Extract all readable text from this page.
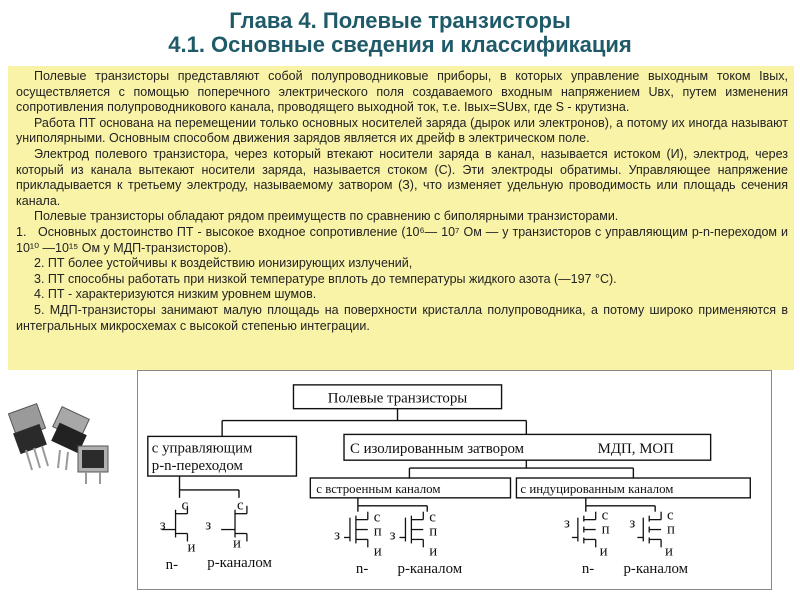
Глава 4. Полевые транзисторы
4.1. Основные сведения и классификация

Полевые транзисторы представляют собой полупроводниковые приборы, в которых управление выходным током Iвых, осуществляется с помощью поперечного электрического поля создаваемого входным напряжением Uвх, путем изменения сопротивления полупроводникового канала, проводящего выходной ток, т.е. Iвых=SUвх, где S - крутизна.

Работа ПТ основана на перемещении только основных носителей заряда (дырок или электронов), а потому их иногда называют униполярными. Основным способом движения зарядов является их дрейф в электрическом поле.

Электрод полевого транзистора, через который втекают носители заряда в канал, называется истоком (И), электрод, через который из канала вытекают носители заряда, называется стоком (С). Эти электроды обратимы. Управляющее напряжение прикладывается к третьему электроду, называемому затвором (З), что изменяет удельную проводимость или площадь сечения канала.

Полевые транзисторы обладают рядом преимуществ по сравнению с биполярными транзисторами.

1. Основных достоинство ПТ - высокое входное сопротивление (10⁶— 10⁷ Ом — у транзисторов с управляющим p-n-переходом и 10¹⁰ —10¹⁵ Ом у МДП-транзисторов).

2. ПТ более устойчивы к воздействию ионизирующих излучений,

3. ПТ способны работать при низкой температуре вплоть до температуры жидкого азота (—197 °С).

4. ПТ - характеризуются низким уровнем шумов.

5. МДП-транзисторы занимают малую площадь на поверхности кристалла полупроводника, а потому широко применяются в интегральных микросхемах с высокой степенью интеграции.

Полевые транзисторы
с управляющим
p-n-переходом
С изолированным затвором	МДП, МОП
с встроенным каналом	с индуцированным каналом
з
с
и
з
с
и
n- p-каналом
з
с
п
и
з
с
п
и
n- p-каналом
з с
п
и
з с
п
и
n- p-каналом
